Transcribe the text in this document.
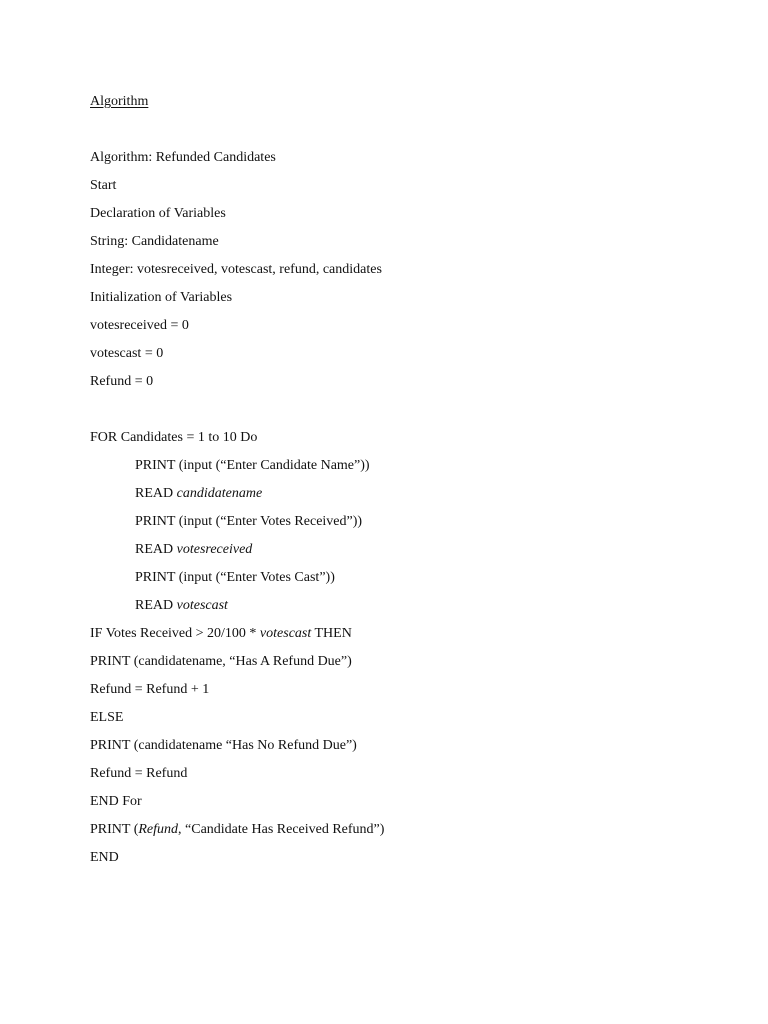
Algorithm
Algorithm: Refunded Candidates
Start
Declaration of Variables
String: Candidatename
Integer: votesreceived, votescast, refund, candidates
Initialization of Variables
votesreceived = 0
votescast = 0
Refund = 0
FOR Candidates = 1 to 10 Do
PRINT (input (“Enter Candidate Name”))
READ candidatename
PRINT (input (“Enter Votes Received”))
READ votesreceived
PRINT (input (“Enter Votes Cast”))
READ votescast
IF Votes Received > 20/100 * votescast THEN
PRINT (candidatename, “Has A Refund Due”)
Refund = Refund + 1
ELSE
PRINT (candidatename “Has No Refund Due”)
Refund = Refund
END For
PRINT (Refund, “Candidate Has Received Refund”)
END
